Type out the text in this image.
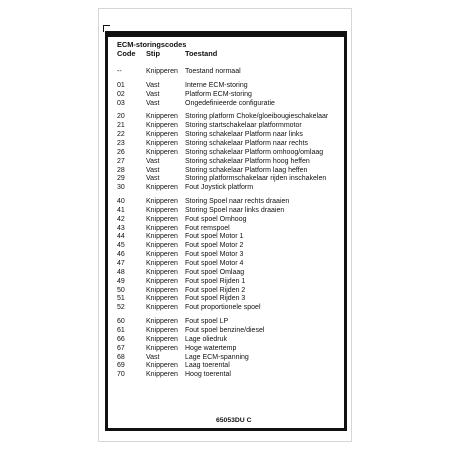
ECM-storingscodes
Code Stip	Toestand
--	Knipperen Toestand normaal
01	Vast	Interne ECM-storing
02	Vast	Platform ECM-storing
03	Vast	Ongedefinieerde configuratie
20	Knipperen Storing platform Choke/gloeibougieschakelaar
21	Knipperen Storing startschakelaar platformmotor
22	Knipperen Storing schakelaar Platform naar links
23	Knipperen Storing schakelaar Platform naar rechts
26	Knipperen Storing schakelaar Platform omhoog/omlaag
27	Vast	Storing schakelaar Platform hoog heffen
28	Vast	Storing schakelaar Platform laag heffen
29	Vast	Storing platformschakelaar rijden inschakelen
30	Knipperen Fout Joystick platform
40	Knipperen Storing Spoel naar rechts draaien
41	Knipperen Storing Spoel naar links draaien
42	Knipperen Fout spoel Omhoog
43	Knipperen Fout remspoel
44	Knipperen Fout spoel Motor 1
45	Knipperen Fout spoel Motor 2
46	Knipperen Fout spoel Motor 3
47	Knipperen Fout spoel Motor 4
48	Knipperen Fout spoel Omlaag
49	Knipperen Fout spoel Rijden 1
50	Knipperen Fout spoel Rijden 2
51	Knipperen Fout spoel Rijden 3
52	Knipperen Fout proportionele spoel
60	Knipperen Fout spoel LP
61	Knipperen Fout spoel benzine/diesel
66	Knipperen Lage oliedruk
67	Knipperen Hoge watertemp
68	Vast	Lage ECM-spanning
69	Knipperen Laag toerental
70	Knipperen Hoog toerental
65053DU C
